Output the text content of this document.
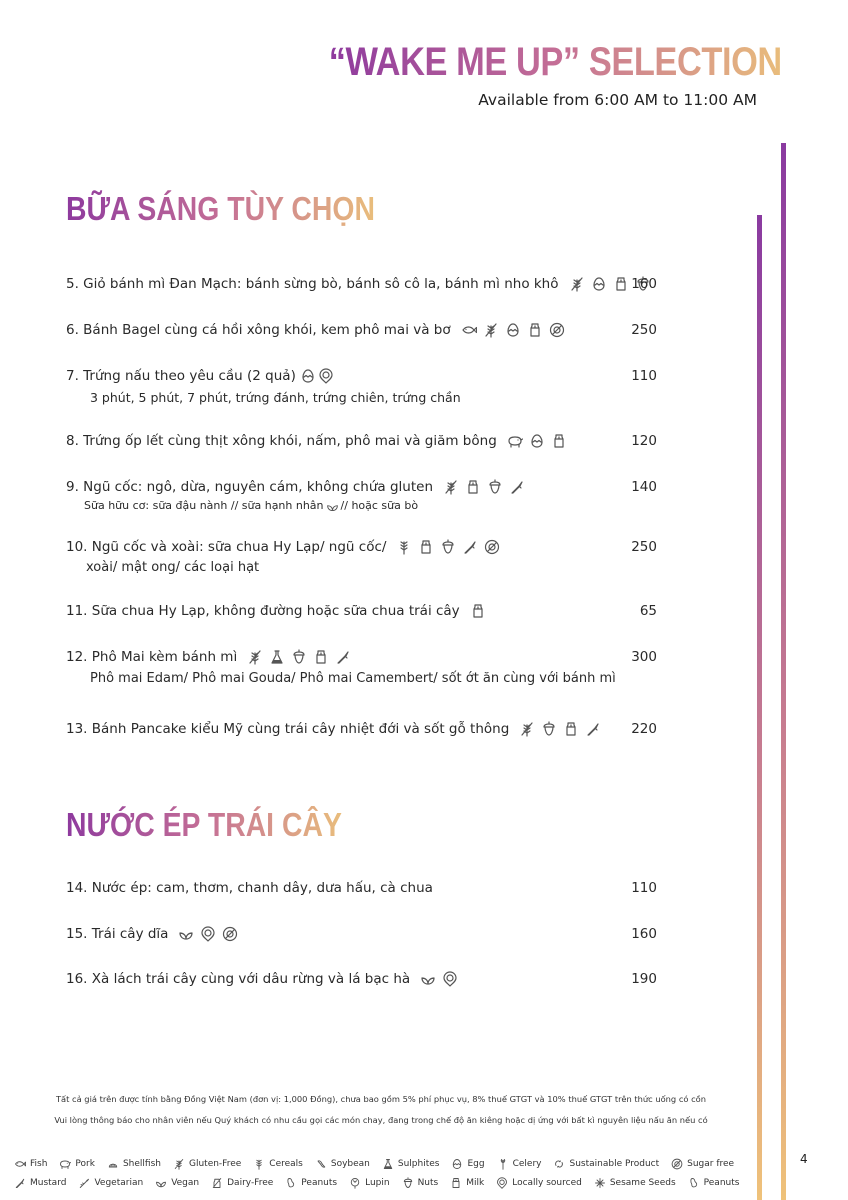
“WAKE ME UP” SELECTION
Available from 6:00 AM to 11:00 AM
BỮA SÁNG TÙY CHỌN
5. Giỏ bánh mì Đan Mạch: bánh sừng bò, bánh sô cô la, bánh mì nho khô	160
6. Bánh Bagel cùng cá hồi xông khói, kem phô mai và bơ	250
7. Trứng nấu theo yêu cầu (2 quả)	110
3 phút, 5 phút, 7 phút, trứng đánh, trứng chiên, trứng chần
8. Trứng ốp lết cùng thịt xông khói, nấm, phô mai và giăm bông	120
9. Ngũ cốc: ngô, dừa, nguyên cám, không chứa gluten	140
Sữa hữu cơ: sữa đậu nành // sữa hạnh nhân // hoặc sữa bò
10. Ngũ cốc và xoài: sữa chua Hy Lạp/ ngũ cốc/	250
xoài/ mật ong/ các loại hạt
11. Sữa chua Hy Lạp, không đường hoặc sữa chua trái cây	65
12. Phô Mai kèm bánh mì	300
Phô mai Edam/ Phô mai Gouda/ Phô mai Camembert/ sốt ớt ăn cùng với bánh mì
13. Bánh Pancake kiểu Mỹ cùng trái cây nhiệt đới và sốt gỗ thông	220
NƯỚC ÉP TRÁI CÂY
14. Nước ép: cam, thơm, chanh dây, dưa hấu, cà chua	110
15. Trái cây dĩa	160
16. Xà lách trái cây cùng với dâu rừng và lá bạc hà	190
Tất cả giá trên được tính bằng Đồng Việt Nam (đơn vị: 1,000 Đồng), chưa bao gồm 5% phí phục vụ, 8% thuế GTGT và 10% thuế GTGT trên thức uống có cồn
Vui lòng thông báo cho nhân viên nếu Quý khách có nhu cầu gọi các món chay, đang trong chế độ ăn kiêng hoặc dị ứng với bất kì nguyên liệu nấu ăn nếu có
Fish	Pork	Shellfish	Gluten-Free	Cereals	Soybean	Sulphites	Egg	Celery	Sustainable Product	Sugar free
Mustard	Vegetarian	Vegan	Dairy-Free	Peanuts	Lupin	Nuts	Milk	Locally sourced	Sesame Seeds	Peanuts
4
